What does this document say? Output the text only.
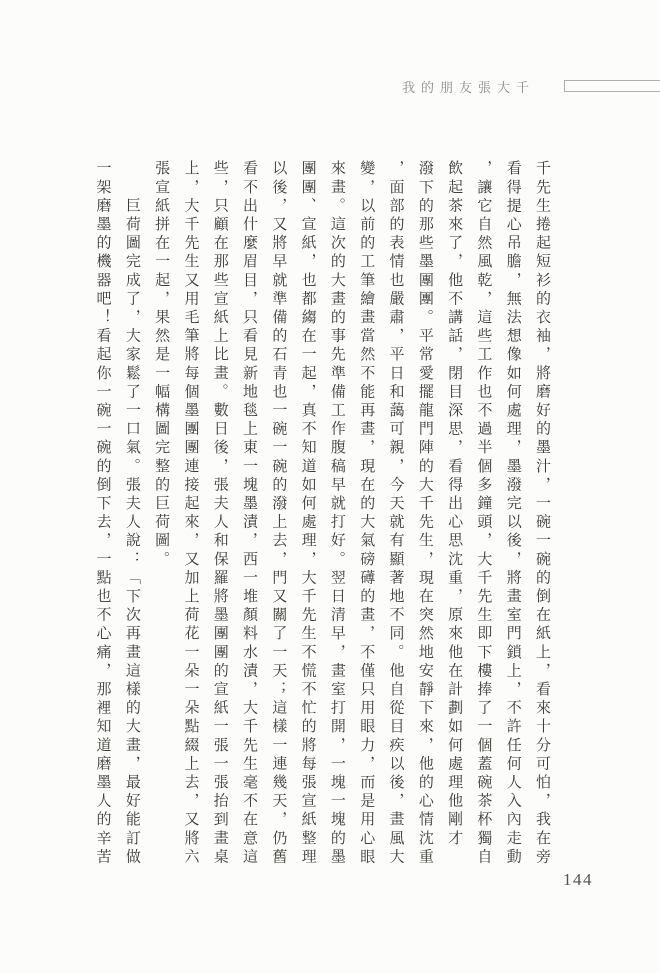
我的朋友張大千
千先生捲起短衫的衣袖，將磨好的墨汁，一碗一碗的倒在紙上，看來十分可怕，我在旁
看得提心吊膽，無法想像如何處理，墨潑完以後，將畫室門鎖上，不許任何人入內走動
，讓它自然風乾，這些工作也不過半個多鐘頭，大千先生即下樓捧了一個蓋碗茶杯獨自
飲起茶來了，他不講話，閉目深思，看得出心思沈重，原來他在計劃如何處理他剛才
潑下的那些墨團團。平常愛擺龍門陣的大千先生，現在突然地安靜下來，他的心情沈重
，面部的表情也嚴肅，平日和藹可親，今天就有顯著地不同。他自從目疾以後，畫風大
變，以前的工筆繪畫當然不能再畫，現在的大氣磅礡的畫，不僅只用眼力，而是用心眼
來畫。這次的大畫的事先準備工作腹稿早就打好。翌日清早，畫室打開，一塊一塊的墨
團團、宣紙，也都縐在一起，真不知道如何處理，大千先生不慌不忙的將每張宣紙整理
以後，又將早就準備的石青也一碗一碗的潑上去，門又關了一天；這樣一連幾天，仍舊
看不出什麼眉目，只看見新地毯上東一塊墨漬，西一堆顏料水漬，大千先生毫不在意這
些，只顧在那些宣紙上比畫。數日後，張夫人和保羅將墨團團的宣紙一張一張抬到畫桌
上，大千先生又用毛筆將每個墨團團連接起來，又加上荷花一朵一朵點綴上去，又將六
張宣紙拼在一起，果然是一幅構圖完整的巨荷圖。
　　巨荷圖完成了，大家鬆了一口氣。張夫人說：「下次再畫這樣的大畫，最好能訂做
一架磨墨的機器吧！看起你一碗一碗的倒下去，一點也不心痛，那裡知道磨墨人的辛苦
144
